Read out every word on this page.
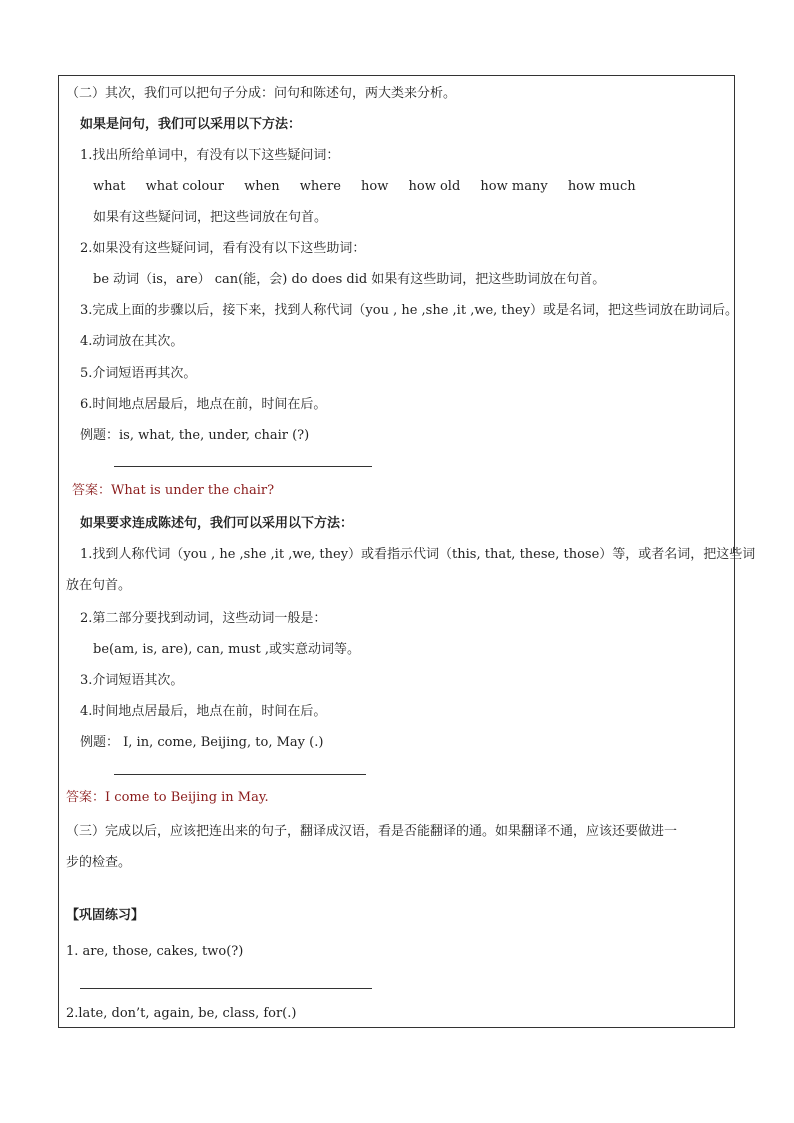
（二）其次，我们可以把句子分成：问句和陈述句，两大类来分析。
如果是问句，我们可以采用以下方法：
1.找出所给单词中，有没有以下这些疑问词：
what what colour when where how how old how many how much
如果有这些疑问词，把这些词放在句首。
2.如果没有这些疑问词，看有没有以下这些助词：
be 动词（is，are） can(能，会) do does did 如果有这些助词，把这些助词放在句首。
3.完成上面的步骤以后，接下来，找到人称代词（you , he ,she ,it ,we, they）或是名词，把这些词放在助词后。
4.动词放在其次。
5.介词短语再其次。
6.时间地点居最后，地点在前，时间在后。
例题：is, what, the, under, chair (?)
答案：What is under the chair?
如果要求连成陈述句，我们可以采用以下方法：
1.找到人称代词（you , he ,she ,it ,we, they）或看指示代词（this, that, these, those）等，或者名词，把这些词
放在句首。
2.第二部分要找到动词，这些动词一般是：
be(am, is, are), can, must ,或实意动词等。
3.介词短语其次。
4.时间地点居最后，地点在前，时间在后。
例题： I, in, come, Beijing, to, May (.)
答案：I come to Beijing in May.
（三）完成以后，应该把连出来的句子，翻译成汉语，看是否能翻译的通。如果翻译不通，应该还要做进一
步的检查。
【巩固练习】
1. are, those, cakes, two(?)
2.late, don’t, again, be, class, for(.)
